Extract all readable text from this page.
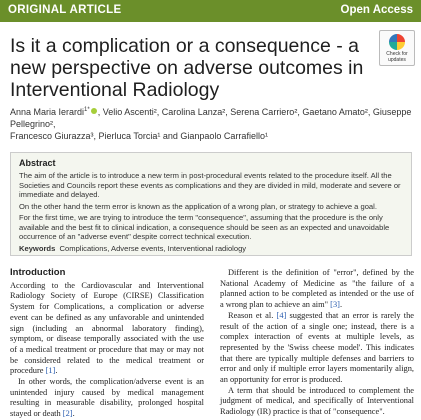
ORIGINAL ARTICLE	Open Access
Is it a complication or a consequence - a new perspective on adverse outcomes in Interventional Radiology
Check for updates
Anna Maria Ierardi$^{1*}$ , Velio Ascenti², Carolina Lanza², Serena Carriero², Gaetano Amato², Giuseppe Pellegrino²,
Francesco Giurazza³, Pierluca Torcia¹ and Gianpaolo Carrafiello¹
Abstract

The aim of the article is to introduce a new term in post-procedural events related to the procedure itself. All the Societies and Councils report these events as complications and they are divided in mild, moderate and severe or immediate and delayed.

On the other hand the term error is known as the application of a wrong plan, or strategy to achieve a goal.

For the first time, we are trying to introduce the term "consequence", assuming that the procedure is the only available and the best fit to clinical indication, a consequence should be seen as an expected and unavoidable occurrence of an "adverse event" despite correct technical execution.

Keywords Complications, Adverse events, Interventional radiology
Introduction

According to the Cardiovascular and Interventional Radiology Society of Europe (CIRSE) Classification System for Complications, a complication or adverse event can be defined as any unfavorable and unintended sign (including an abnormal laboratory finding), symptom, or disease temporally associated with the use of a medical treatment or procedure that may or may not be considered related to the medical treatment or procedure [1].

In other words, the complication/adverse event is an unintended injury caused by medical management resulting in measurable disability, prolonged hospital stayed or death [2].

Different is the definition of "error", defined by the National Academy of Medicine as "the failure of a planned action to be completed as intended or the use of a wrong plan to achieve an aim" [3].

Reason et al. [4] suggested that an error is rarely the result of the action of a single one; instead, there is a complex interaction of events at multiple levels, as represented by the 'Swiss cheese model'. This indicates that there are typically multiple defenses and barriers to error and only if multiple error layers momentarily align, an opportunity for error is produced.

A term that should be introduced to complement the judgment of medical, and specifically of Interventional Radiology (IR) practice is that of "consequence".
